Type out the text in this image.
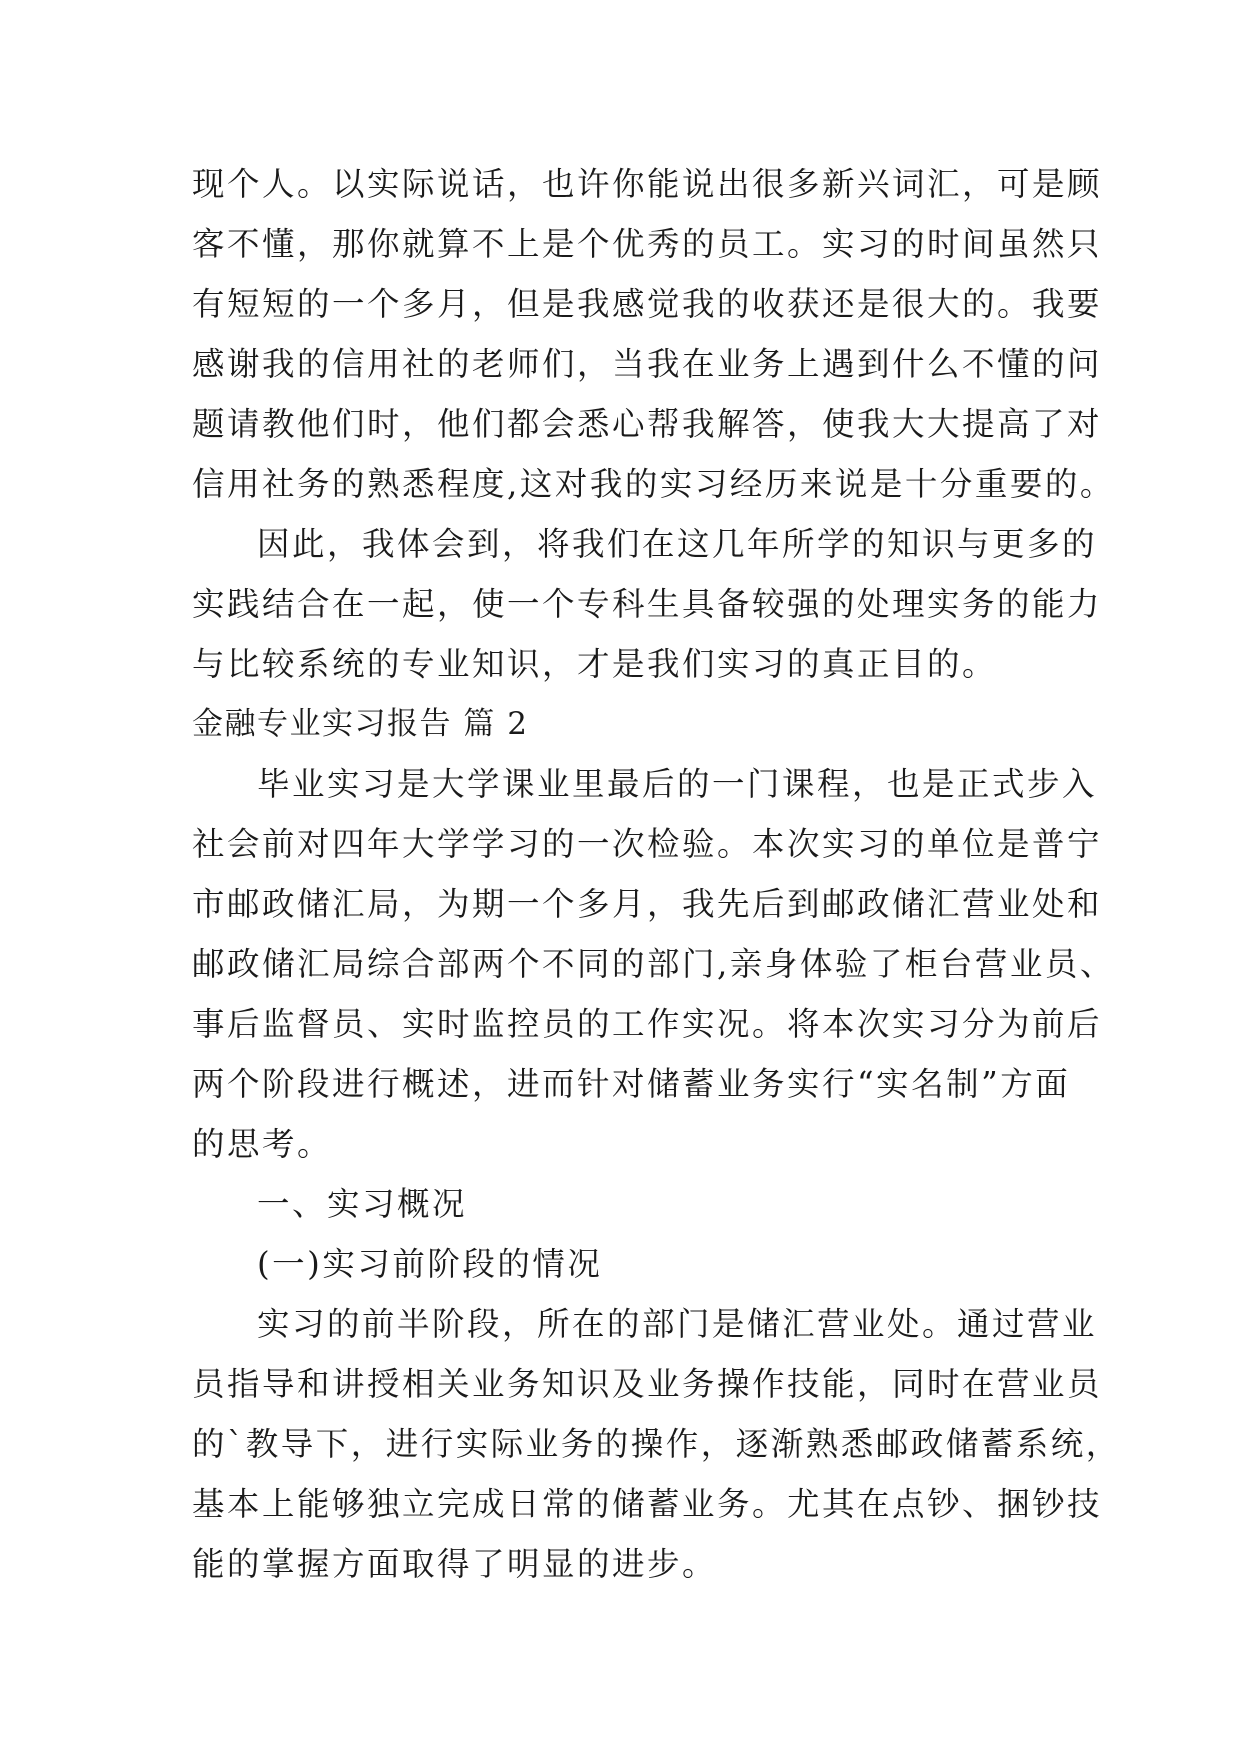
现个人。以实际说话，也许你能说出很多新兴词汇，可是顾
客不懂，那你就算不上是个优秀的员工。实习的时间虽然只
有短短的一个多月，但是我感觉我的收获还是很大的。我要
感谢我的信用社的老师们，当我在业务上遇到什么不懂的问
题请教他们时，他们都会悉心帮我解答，使我大大提高了对
信用社务的熟悉程度,这对我的实习经历来说是十分重要的。
因此，我体会到，将我们在这几年所学的知识与更多的
实践结合在一起，使一个专科生具备较强的处理实务的能力
与比较系统的专业知识，才是我们实习的真正目的。
金融专业实习报告 篇 2
毕业实习是大学课业里最后的一门课程，也是正式步入
社会前对四年大学学习的一次检验。本次实习的单位是普宁
市邮政储汇局，为期一个多月，我先后到邮政储汇营业处和
邮政储汇局综合部两个不同的部门,亲身体验了柜台营业员、
事后监督员、实时监控员的工作实况。将本次实习分为前后
两个阶段进行概述，进而针对储蓄业务实行“实名制”方面
的思考。
一、实习概况
(一)实习前阶段的情况
实习的前半阶段，所在的部门是储汇营业处。通过营业
员指导和讲授相关业务知识及业务操作技能，同时在营业员
的`教导下，进行实际业务的操作，逐渐熟悉邮政储蓄系统，
基本上能够独立完成日常的储蓄业务。尤其在点钞、捆钞技
能的掌握方面取得了明显的进步。
